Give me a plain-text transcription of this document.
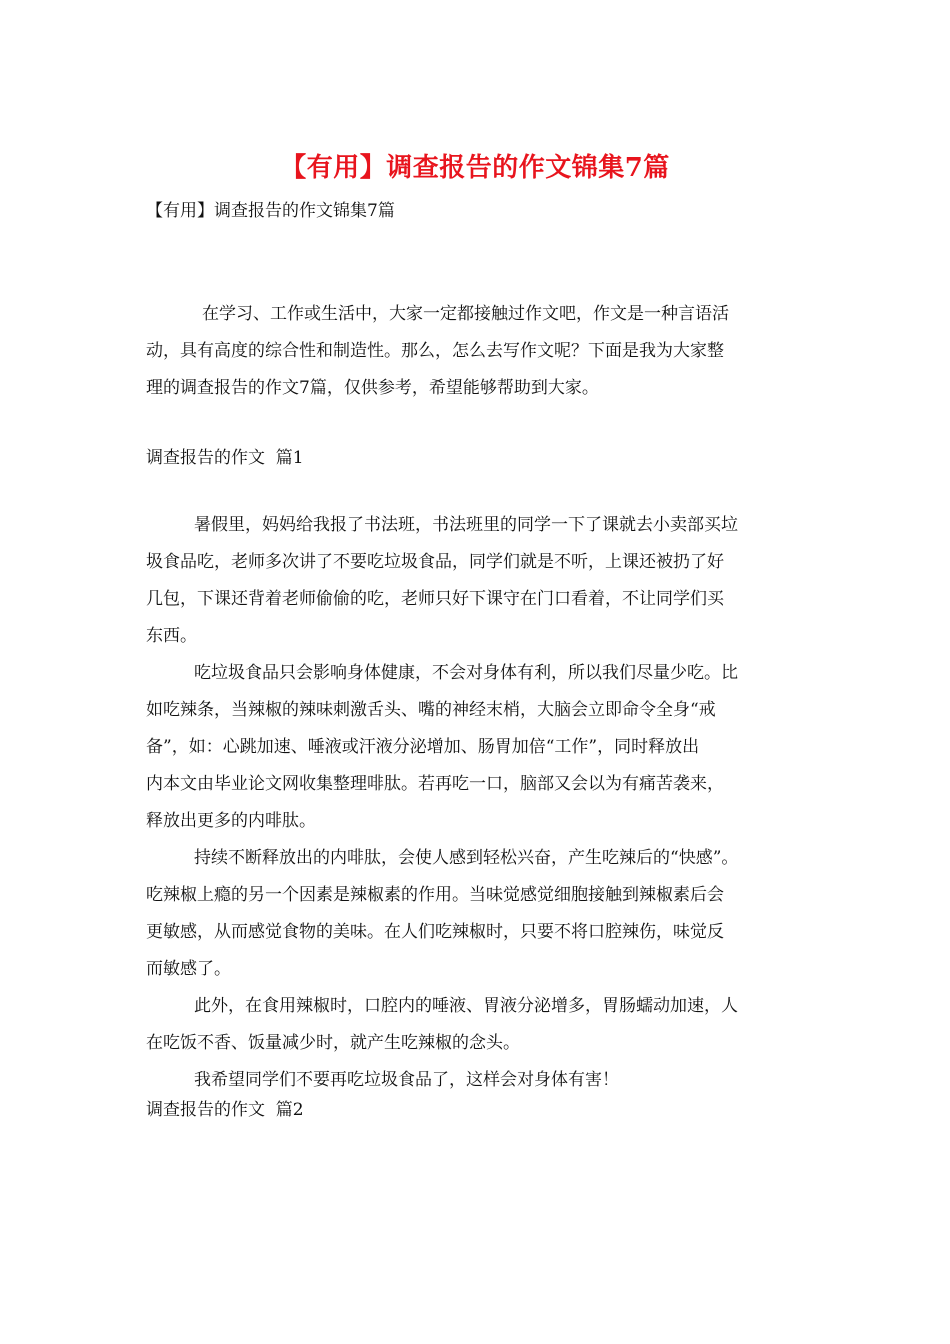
【有用】调查报告的作文锦集7篇
【有用】调查报告的作文锦集7篇

在学习、工作或生活中，大家一定都接触过作文吧，作文是一种言语活
动，具有高度的综合性和制造性。那么，怎么去写作文呢？下面是我为大家整
理的调查报告的作文7篇，仅供参考，希望能够帮助到大家。

调查报告的作文  篇1

暑假里，妈妈给我报了书法班，书法班里的同学一下了课就去小卖部买垃
圾食品吃，老师多次讲了不要吃垃圾食品，同学们就是不听，上课还被扔了好
几包，下课还背着老师偷偷的吃，老师只好下课守在门口看着，不让同学们买
东西。

吃垃圾食品只会影响身体健康，不会对身体有利，所以我们尽量少吃。比
如吃辣条，当辣椒的辣味刺激舌头、嘴的神经末梢，大脑会立即命令全身“戒
备”，如：心跳加速、唾液或汗液分泌增加、肠胃加倍“工作”，同时释放出
内本文由毕业论文网收集整理啡肽。若再吃一口，脑部又会以为有痛苦袭来，
释放出更多的内啡肽。

持续不断释放出的内啡肽，会使人感到轻松兴奋，产生吃辣后的“快感”。
吃辣椒上瘾的另一个因素是辣椒素的作用。当味觉感觉细胞接触到辣椒素后会
更敏感，从而感觉食物的美味。在人们吃辣椒时，只要不将口腔辣伤，味觉反
而敏感了。

此外，在食用辣椒时，口腔内的唾液、胃液分泌增多，胃肠蠕动加速，人
在吃饭不香、饭量减少时，就产生吃辣椒的念头。

我希望同学们不要再吃垃圾食品了，这样会对身体有害！

调查报告的作文  篇2
